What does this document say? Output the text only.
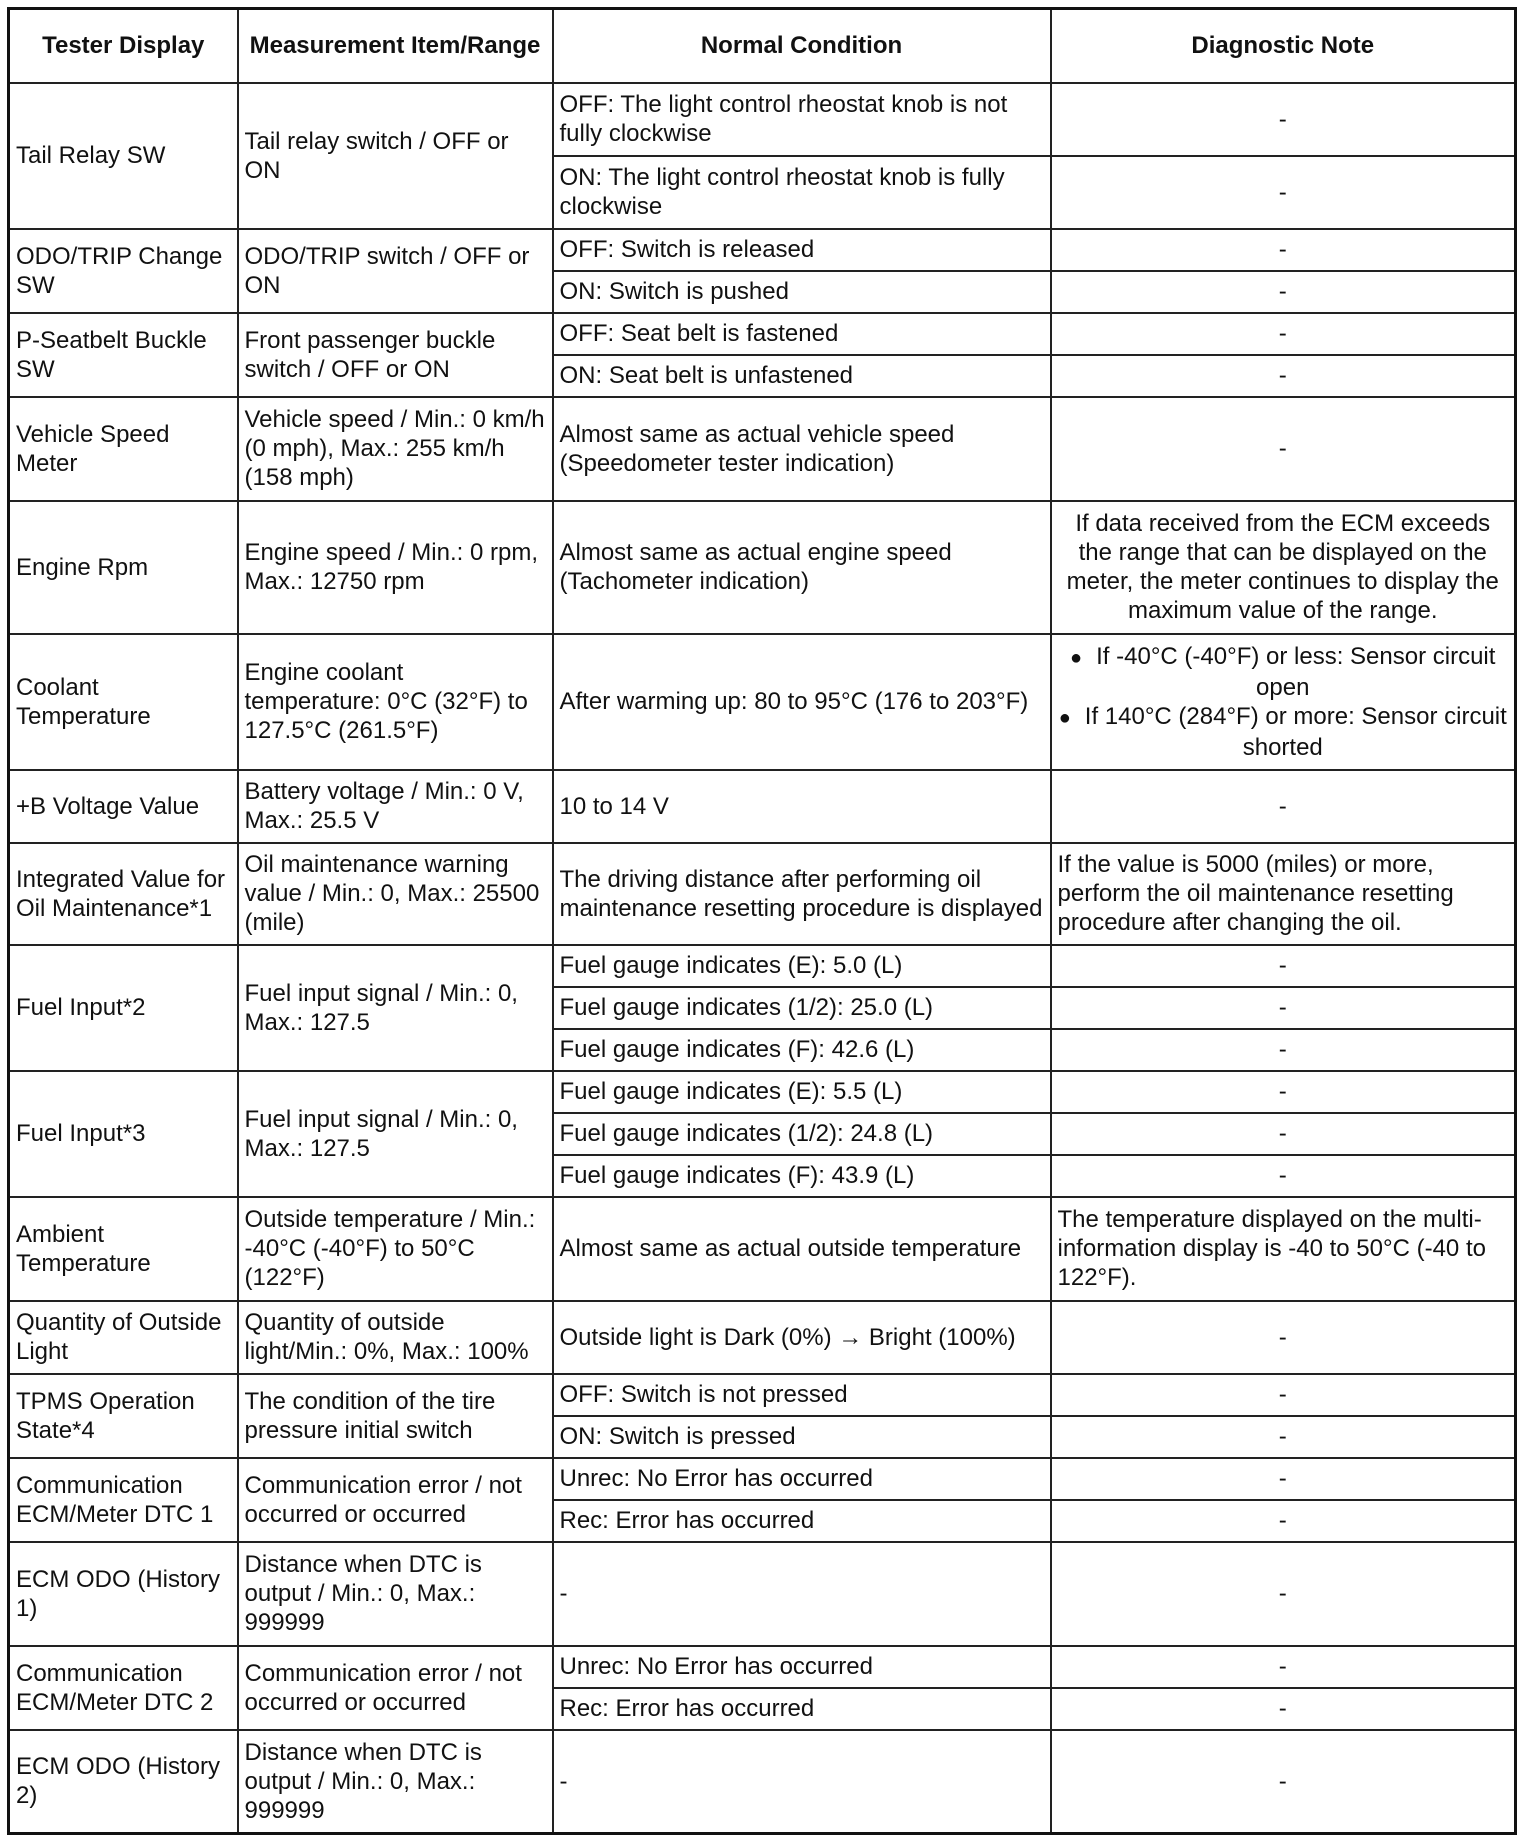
Tester Display	Measurement Item/Range	Normal Condition	Diagnostic Note
Tail Relay SW	Tail relay switch / OFF or ON	OFF: The light control rheostat knob is not fully clockwise	-
		ON: The light control rheostat knob is fully clockwise	-
ODO/TRIP Change SW	ODO/TRIP switch / OFF or ON	OFF: Switch is released	-
		ON: Switch is pushed	-
P-Seatbelt Buckle SW	Front passenger buckle switch / OFF or ON	OFF: Seat belt is fastened	-
		ON: Seat belt is unfastened	-
Vehicle Speed Meter	Vehicle speed / Min.: 0 km/h (0 mph), Max.: 255 km/h (158 mph)	Almost same as actual vehicle speed (Speedometer tester indication)	-
Engine Rpm	Engine speed / Min.: 0 rpm, Max.: 12750 rpm	Almost same as actual engine speed (Tachometer indication)	If data received from the ECM exceeds the range that can be displayed on the meter, the meter continues to display the maximum value of the range.
Coolant Temperature	Engine coolant temperature: 0°C (32°F) to 127.5°C (261.5°F)	After warming up: 80 to 95°C (176 to 203°F)	● If -40°C (-40°F) or less: Sensor circuit open
● If 140°C (284°F) or more: Sensor circuit shorted

+B Voltage Value	Battery voltage / Min.: 0 V, Max.: 25.5 V	10 to 14 V	-
Integrated Value for Oil Maintenance*1	Oil maintenance warning value / Min.: 0, Max.: 25500 (mile)	The driving distance after performing oil maintenance resetting procedure is displayed	If the value is 5000 (miles) or more, perform the oil maintenance resetting procedure after changing the oil.
Fuel Input*2	Fuel input signal / Min.: 0, Max.: 127.5	Fuel gauge indicates (E): 5.0 (L)	-
		Fuel gauge indicates (1/2): 25.0 (L)	-
		Fuel gauge indicates (F): 42.6 (L)	-
Fuel Input*3	Fuel input signal / Min.: 0, Max.: 127.5	Fuel gauge indicates (E): 5.5 (L)	-
		Fuel gauge indicates (1/2): 24.8 (L)	-
		Fuel gauge indicates (F): 43.9 (L)	-
Ambient Temperature	Outside temperature / Min.: -40°C (-40°F) to 50°C (122°F)	Almost same as actual outside temperature	The temperature displayed on the multi-information display is -40 to 50°C (-40 to 122°F).
Quantity of Outside Light	Quantity of outside light/Min.: 0%, Max.: 100%	Outside light is Dark (0%) → Bright (100%)	-
TPMS Operation State*4	The condition of the tire pressure initial switch	OFF: Switch is not pressed	-
		ON: Switch is pressed	-
Communication ECM/Meter DTC 1	Communication error / not occurred or occurred	Unrec: No Error has occurred	-
		Rec: Error has occurred	-
ECM ODO (History 1)	Distance when DTC is output / Min.: 0, Max.: 999999	-	-
Communication ECM/Meter DTC 2	Communication error / not occurred or occurred	Unrec: No Error has occurred	-
		Rec: Error has occurred	-
ECM ODO (History 2)	Distance when DTC is output / Min.: 0, Max.: 999999	-	-
